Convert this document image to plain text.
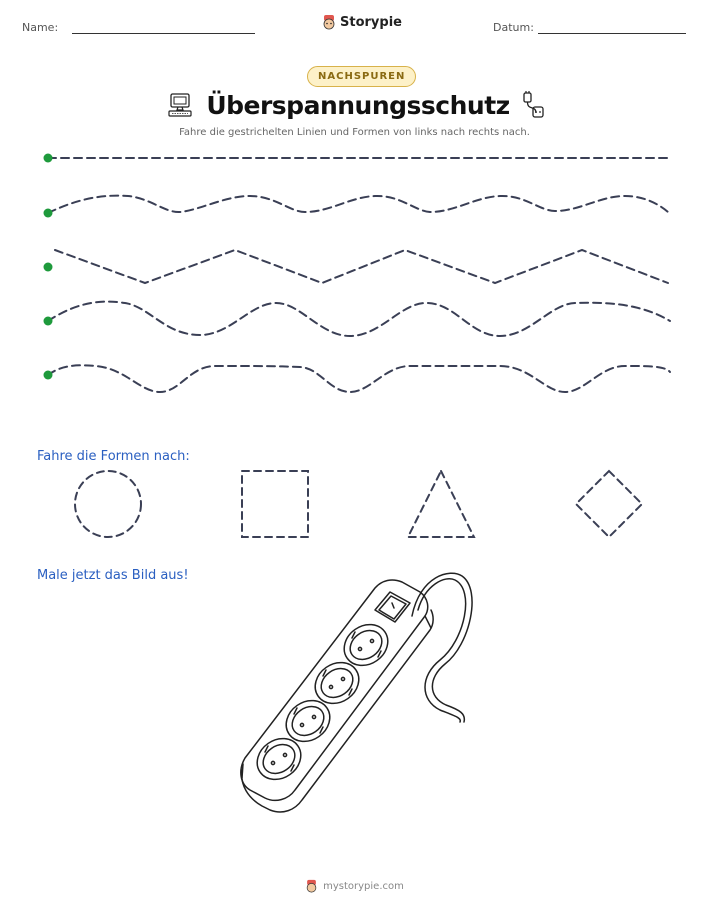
Name:	Storypie	Datum:
NACHSPUREN
Überspannungsschutz
Fahre die gestrichelten Linien und Formen von links nach rechts nach.
Fahre die Formen nach:
Male jetzt das Bild aus!
mystorypie.com
